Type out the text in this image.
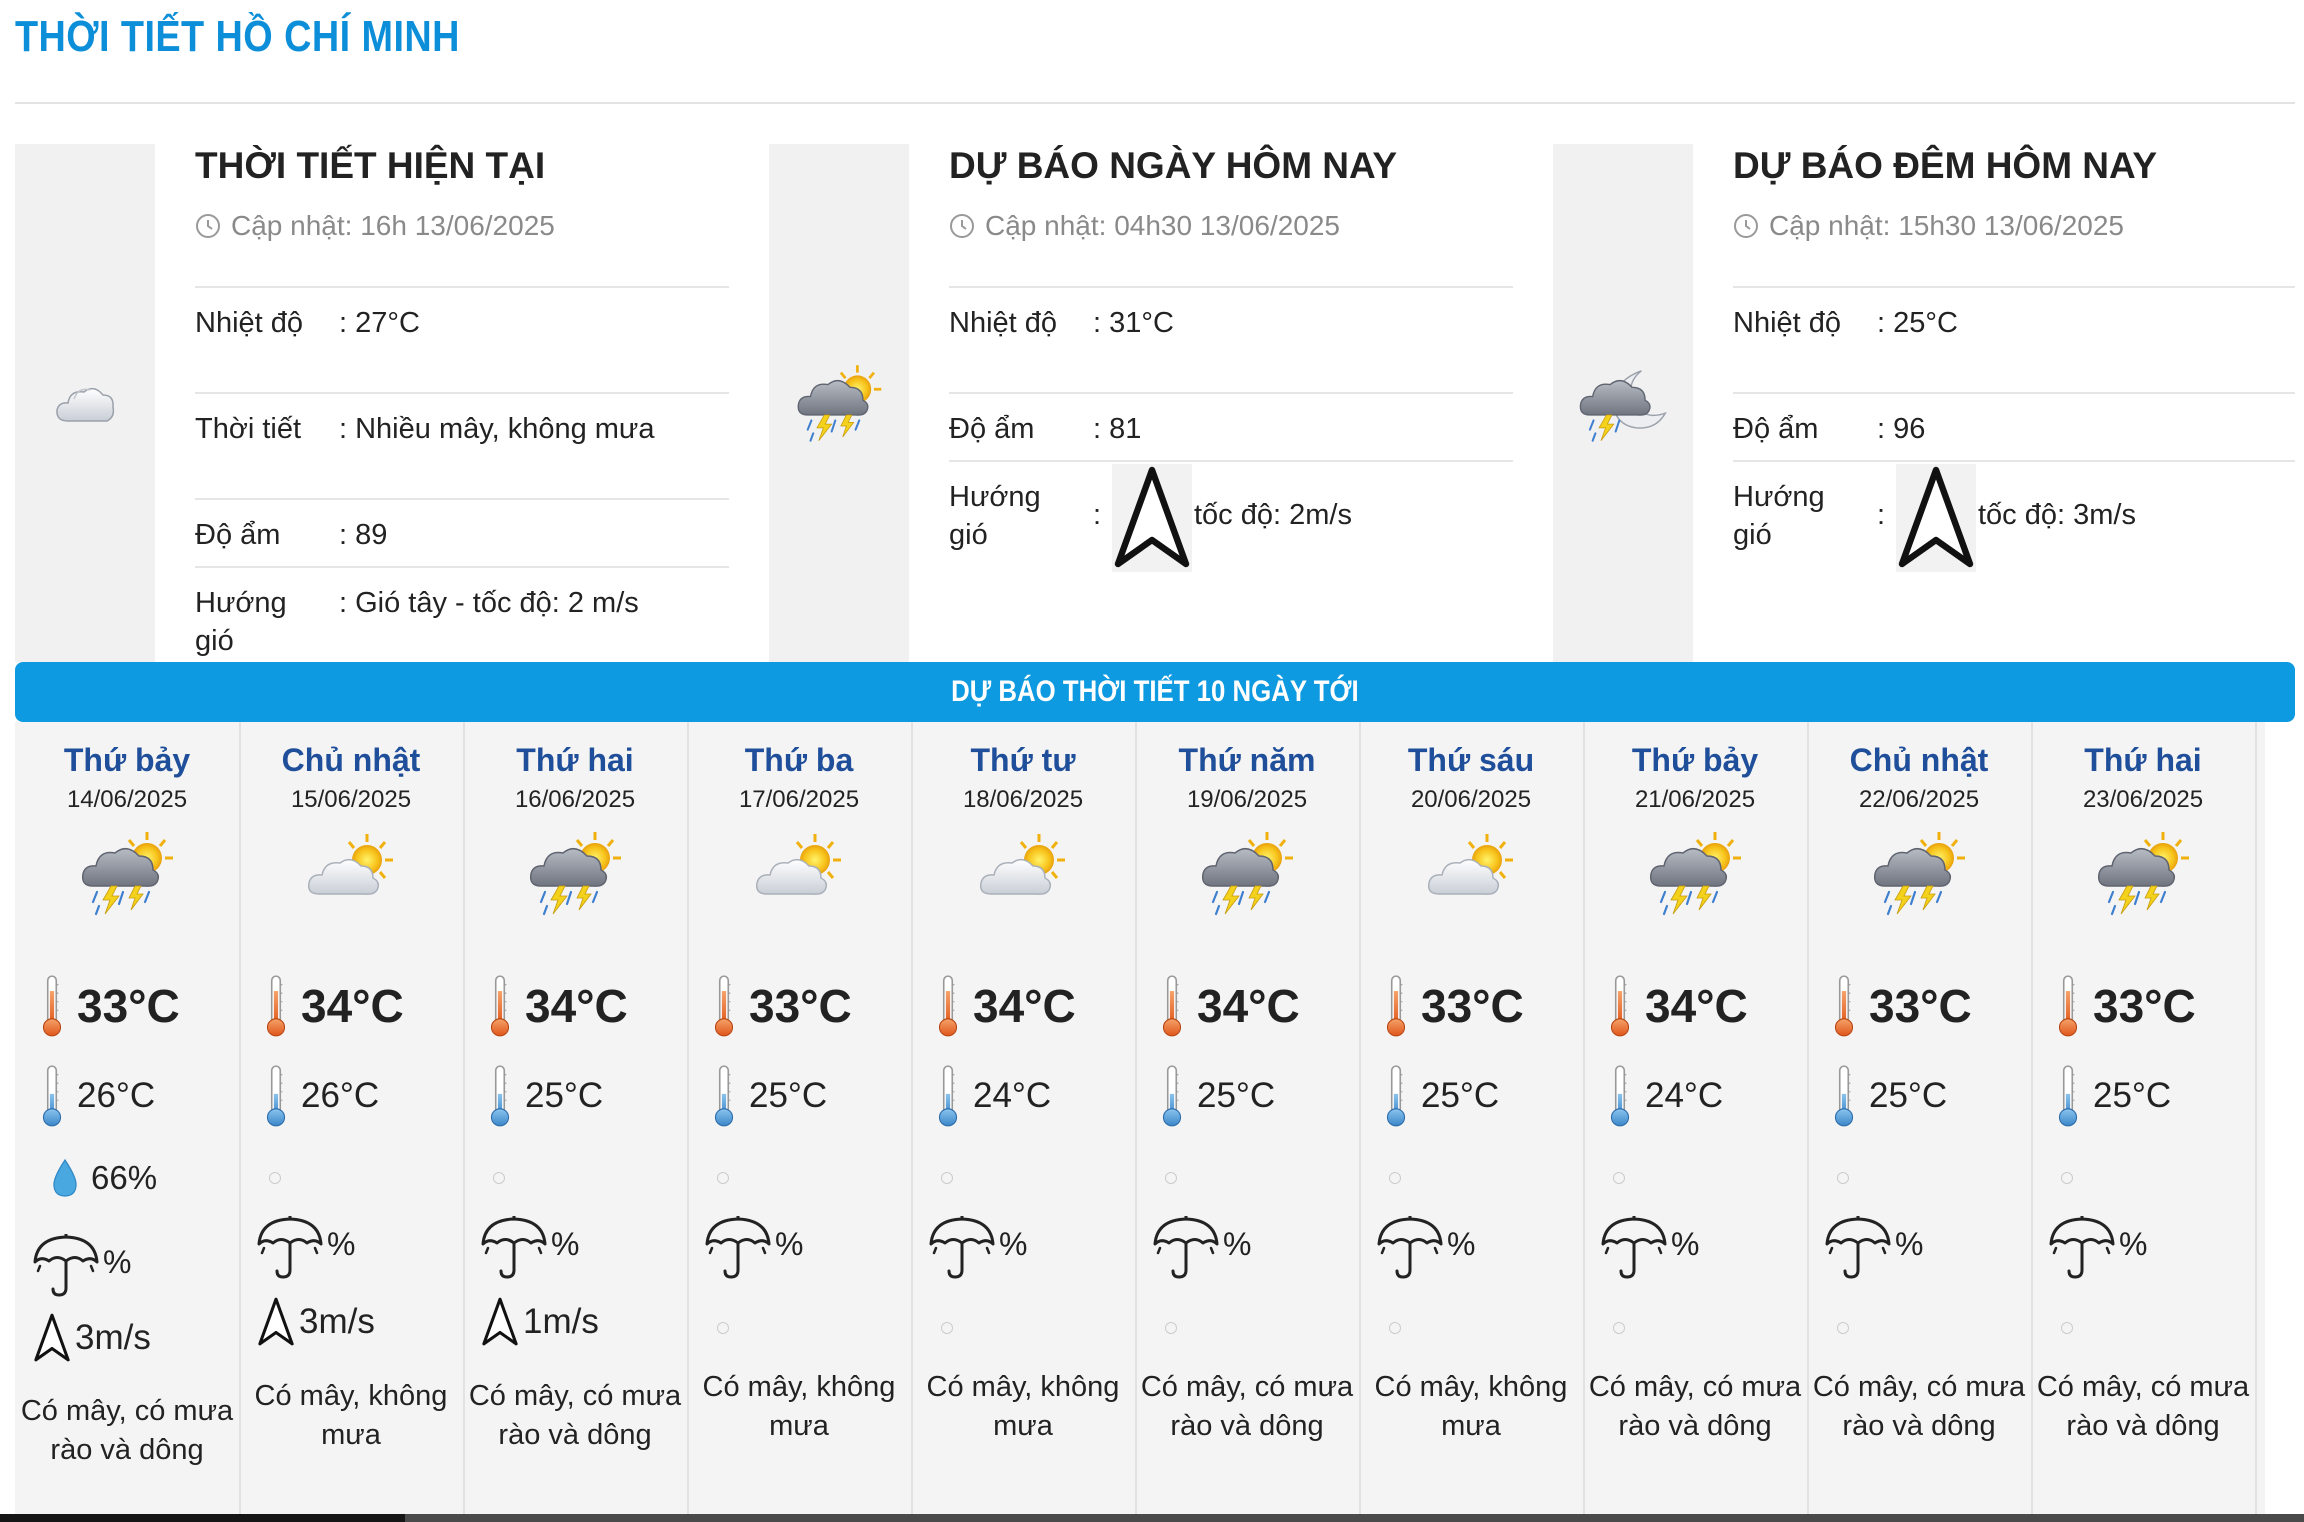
THỜI TIẾT HỒ CHÍ MINH
THỜI TIẾT HIỆN TẠI
Cập nhật: 16h 13/06/2025
Nhiệt độ	: 27°C
Thời tiết	: Nhiều mây, không mưa
Độ ẩm	: 89
Hướng gió
: Gió tây - tốc độ: 2 m/s
DỰ BÁO NGÀY HÔM NAY
Cập nhật: 04h30 13/06/2025
Nhiệt độ	: 31°C
Độ ẩm	: 81
Hướng gió
:	tốc độ: 2m/s
DỰ BÁO ĐÊM HÔM NAY
Cập nhật: 15h30 13/06/2025
Nhiệt độ	: 25°C
Độ ẩm	: 96
Hướng gió
:	tốc độ: 3m/s
DỰ BÁO THỜI TIẾT 10 NGÀY TỚI
Thứ bảy
14/06/2025
33°C
26°C
66%
%
3m/s
Có mây, có mưa rào và dông
Chủ nhật
15/06/2025
34°C
26°C
%
3m/s
Có mây, không mưa
Thứ hai
16/06/2025
34°C
25°C
%
1m/s
Có mây, có mưa rào và dông
Thứ ba
17/06/2025
33°C
25°C
%
Có mây, không mưa
Thứ tư
18/06/2025
34°C
24°C
%
Có mây, không mưa
Thứ năm
19/06/2025
34°C
25°C
%
Có mây, có mưa rào và dông
Thứ sáu
20/06/2025
33°C
25°C
%
Có mây, không mưa
Thứ bảy
21/06/2025
34°C
24°C
%
Có mây, có mưa rào và dông
Chủ nhật
22/06/2025
33°C
25°C
%
Có mây, có mưa rào và dông
Thứ hai
23/06/2025
33°C
25°C
%
Có mây, có mưa rào và dông
